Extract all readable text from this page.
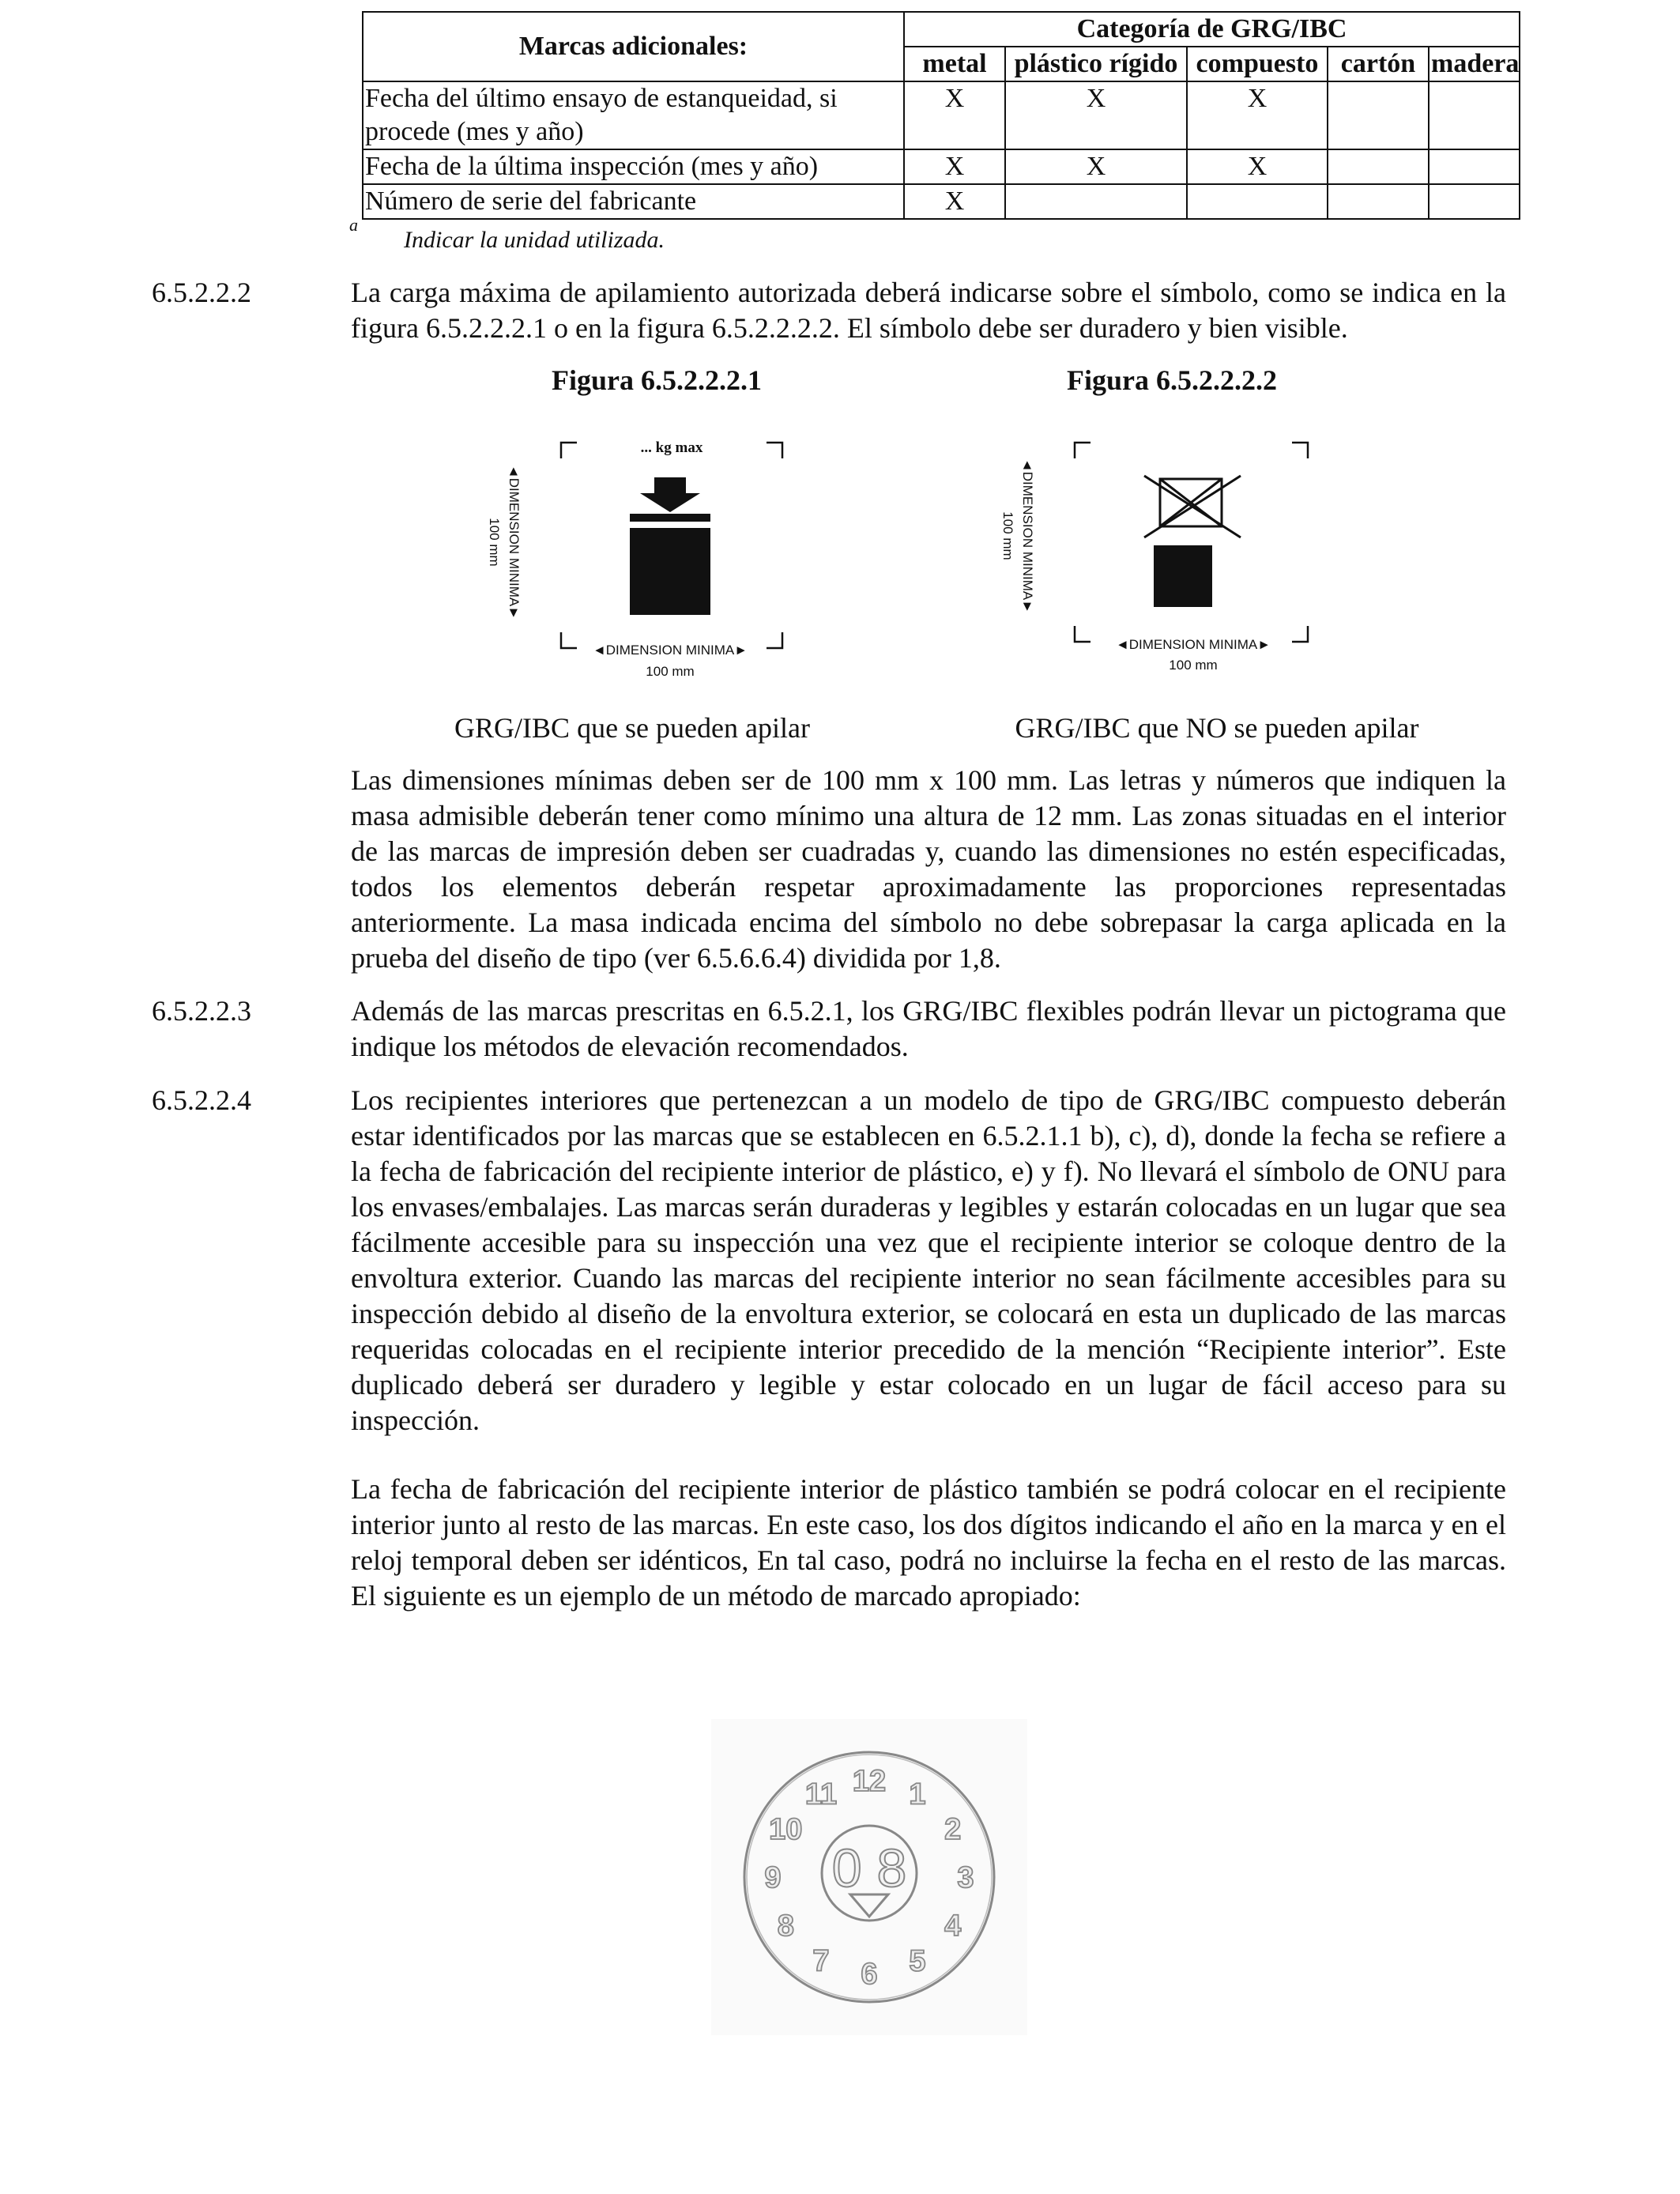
Marcas adicionales:	Categoría de GRG/IBC				
	metal	plástico rígido	compuesto	cartón	madera
Fecha del último ensayo de estanqueidad, si procede (mes y año)	X	X	X		
Fecha de la última inspección (mes y año)	X	X	X		
Número de serie del fabricante	X				
$^a$Indicar la unidad utilizada.
6.5.2.2.2	La carga máxima de apilamiento autorizada deberá indicarse sobre el símbolo, como se indica en la figura 6.5.2.2.2.1 o en la figura 6.5.2.2.2.2. El símbolo debe ser duradero y bien visible.
Figura 6.5.2.2.2.1	Figura 6.5.2.2.2.2
... kg max
◄DIMENSION MINIMA►
100 mm
◄DIMENSION MINIMA►
100 mm
◄DIMENSION MINIMA►
100 mm
◄DIMENSION MINIMA►
100 mm
GRG/IBC que se pueden apilar	GRG/IBC que NO se pueden apilar
Las dimensiones mínimas deben ser de 100 mm x 100 mm. Las letras y números que indiquen la masa admisible deberán tener como mínimo una altura de 12 mm. Las zonas situadas en el interior de las marcas de impresión deben ser cuadradas y, cuando las dimensiones no estén especificadas, todos los elementos deberán respetar aproximadamente las proporciones representadas anteriormente. La masa indicada encima del símbolo no debe sobrepasar la carga aplicada en la prueba del diseño de tipo (ver 6.5.6.6.4) dividida por 1,8.
6.5.2.2.3	Además de las marcas prescritas en 6.5.2.1, los GRG/IBC flexibles podrán llevar un pictograma que indique los métodos de elevación recomendados.
6.5.2.2.4	Los recipientes interiores que pertenezcan a un modelo de tipo de GRG/IBC compuesto deberán estar identificados por las marcas que se establecen en 6.5.2.1.1 b), c), d), donde la fecha se refiere a la fecha de fabricación del recipiente interior de plástico, e) y f). No llevará el símbolo de ONU para los envases/embalajes. Las marcas serán duraderas y legibles y estarán colocadas en un lugar que sea fácilmente accesible para su inspección una vez que el recipiente interior se coloque dentro de la envoltura exterior. Cuando las marcas del recipiente interior no sean fácilmente accesibles para su inspección debido al diseño de la envoltura exterior, se colocará en esta un duplicado de las marcas requeridas colocadas en el recipiente interior precedido de la mención “Recipiente interior”. Este duplicado deberá ser duradero y legible y estar colocado en un lugar de fácil acceso para su inspección.
La fecha de fabricación del recipiente interior de plástico también se podrá colocar en el recipiente interior junto al resto de las marcas. En este caso, los dos dígitos indicando el año en la marca y en el reloj temporal deben ser idénticos, En tal caso, podrá no incluirse la fecha en el resto de las marcas. El siguiente es un ejemplo de un método de marcado apropiado:
12 1
2
3
4
5
6
7
8
9
10
11
0 8
